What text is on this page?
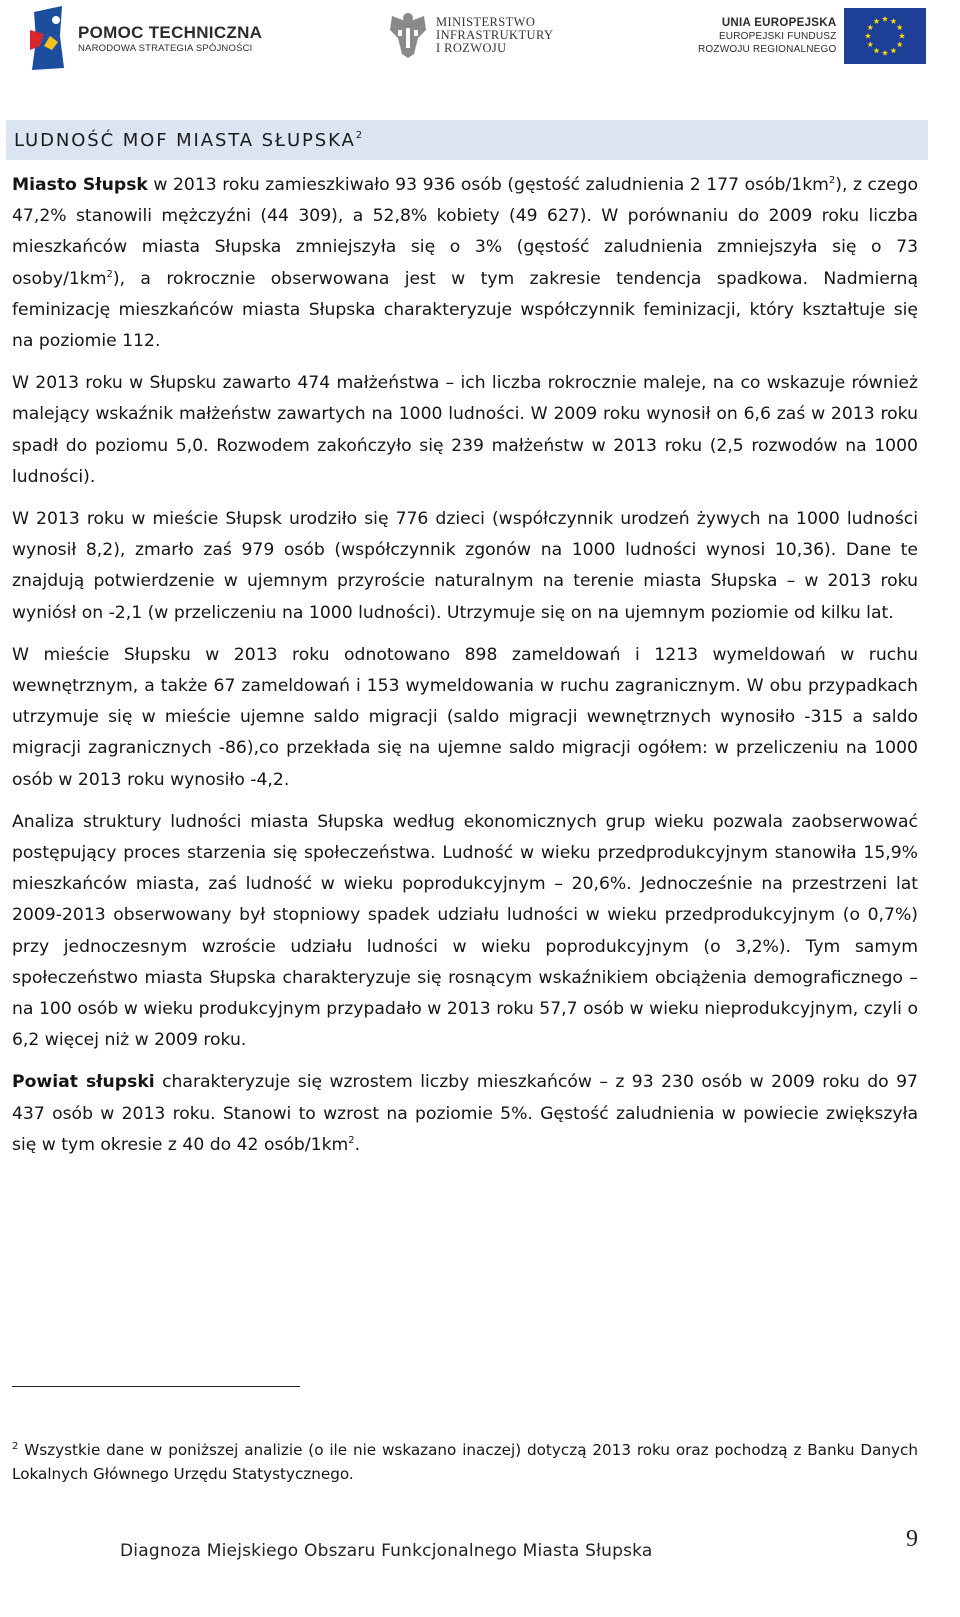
POMOC TECHNICZNA
NARODOWA STRATEGIA SPÓJNOŚCI
MINISTERSTWO
INFRASTRUKTURY
I ROZWOJU
UNIA EUROPEJSKA
EUROPEJSKI FUNDUSZ
ROZWOJU REGIONALNEGO
LUDNOŚĆ MOF MIASTA SŁUPSKA$^2$

Miasto Słupsk w 2013 roku zamieszkiwało 93 936 osób (gęstość zaludnienia 2 177 osób/$1km^2$), z czego 47,2% stanowili mężczyźni (44 309), a 52,8% kobiety (49 627). W porównaniu do 2009 roku liczba mieszkańców miasta Słupska zmniejszyła się o 3% (gęstość zaludnienia zmniejszyła się o 73 osoby/$1km^2$), a rokrocznie obserwowana jest w tym zakresie tendencja spadkowa. Nadmierną feminizację mieszkańców miasta Słupska charakteryzuje współczynnik feminizacji, który kształtuje się na poziomie 112.

W 2013 roku w Słupsku zawarto 474 małżeństwa – ich liczba rokrocznie maleje, na co wskazuje również malejący wskaźnik małżeństw zawartych na 1000 ludności. W 2009 roku wynosił on 6,6 zaś w 2013 roku spadł do poziomu 5,0. Rozwodem zakończyło się 239 małżeństw w 2013 roku (2,5 rozwodów na 1000 ludności).

W 2013 roku w mieście Słupsk urodziło się 776 dzieci (współczynnik urodzeń żywych na 1000 ludności wynosił 8,2), zmarło zaś 979 osób (współczynnik zgonów na 1000 ludności wynosi 10,36). Dane te znajdują potwierdzenie w ujemnym przyroście naturalnym na terenie miasta Słupska – w 2013 roku wyniósł on -2,1 (w przeliczeniu na 1000 ludności). Utrzymuje się on na ujemnym poziomie od kilku lat.

W mieście Słupsku w 2013 roku odnotowano 898 zameldowań i 1213 wymeldowań w ruchu wewnętrznym, a także 67 zameldowań i 153 wymeldowania w ruchu zagranicznym. W obu przypadkach utrzymuje się w mieście ujemne saldo migracji (saldo migracji wewnętrznych wynosiło -315 a saldo migracji zagranicznych -86),co przekłada się na ujemne saldo migracji ogółem: w przeliczeniu na 1000 osób w 2013 roku wynosiło -4,2.

Analiza struktury ludności miasta Słupska według ekonomicznych grup wieku pozwala zaobserwować postępujący proces starzenia się społeczeństwa. Ludność w wieku przedprodukcyjnym stanowiła 15,9% mieszkańców miasta, zaś ludność w wieku poprodukcyjnym – 20,6%. Jednocześnie na przestrzeni lat 2009-2013 obserwowany był stopniowy spadek udziału ludności w wieku przedprodukcyjnym (o 0,7%) przy jednoczesnym wzroście udziału ludności w wieku poprodukcyjnym (o 3,2%). Tym samym społeczeństwo miasta Słupska charakteryzuje się rosnącym wskaźnikiem obciążenia demograficznego – na 100 osób w wieku produkcyjnym przypadało w 2013 roku 57,7 osób w wieku nieprodukcyjnym, czyli o 6,2 więcej niż w 2009 roku.

Powiat słupski charakteryzuje się wzrostem liczby mieszkańców – z 93 230 osób w 2009 roku do 97 437 osób w 2013 roku. Stanowi to wzrost na poziomie 5%. Gęstość zaludnienia w powiecie zwiększyła się w tym okresie z 40 do 42 osób/$1km^2$.

$^2$ Wszystkie dane w poniższej analizie (o ile nie wskazano inaczej) dotyczą 2013 roku oraz pochodzą z Banku Danych Lokalnych Głównego Urzędu Statystycznego.
Diagnoza Miejskiego Obszaru Funkcjonalnego Miasta Słupska	9
